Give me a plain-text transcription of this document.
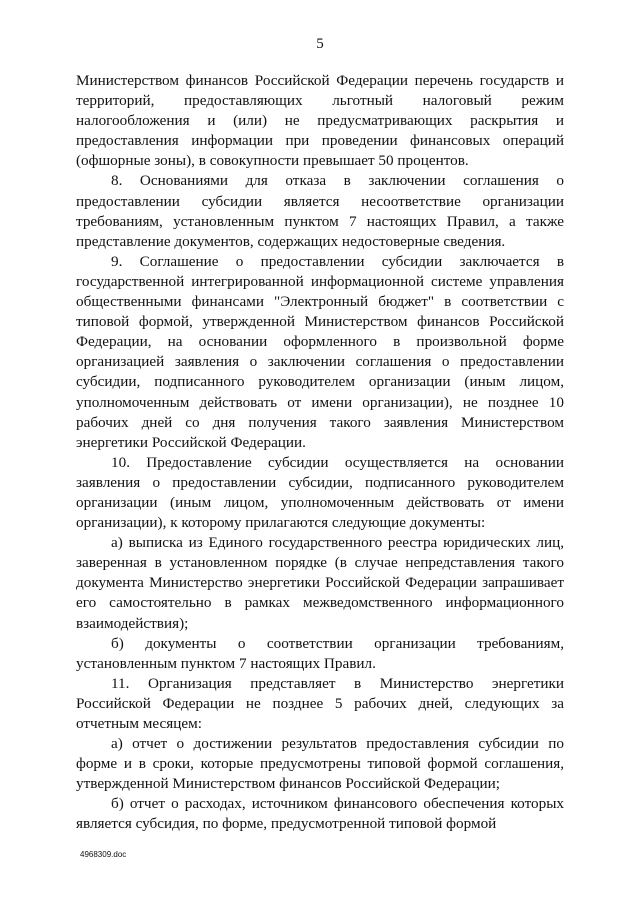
5

Министерством финансов Российской Федерации перечень государств и территорий, предоставляющих льготный налоговый режим налогообложения и (или) не предусматривающих раскрытия и предоставления информации при проведении финансовых операций (офшорные зоны), в совокупности превышает 50 процентов.

8. Основаниями для отказа в заключении соглашения о предоставлении субсидии является несоответствие организации требованиям, установленным пунктом 7 настоящих Правил, а также представление документов, содержащих недостоверные сведения.

9. Соглашение о предоставлении субсидии заключается в государственной интегрированной информационной системе управления общественными финансами "Электронный бюджет" в соответствии с типовой формой, утвержденной Министерством финансов Российской Федерации, на основании оформленного в произвольной форме организацией заявления о заключении соглашения о предоставлении субсидии, подписанного руководителем организации (иным лицом, уполномоченным действовать от имени организации), не позднее 10 рабочих дней со дня получения такого заявления Министерством энергетики Российской Федерации.

10. Предоставление субсидии осуществляется на основании заявления о предоставлении субсидии, подписанного руководителем организации (иным лицом, уполномоченным действовать от имени организации), к которому прилагаются следующие документы:

а) выписка из Единого государственного реестра юридических лиц, заверенная в установленном порядке (в случае непредставления такого документа Министерство энергетики Российской Федерации запрашивает его самостоятельно в рамках межведомственного информационного взаимодействия);

б) документы о соответствии организации требованиям, установленным пунктом 7 настоящих Правил.

11. Организация представляет в Министерство энергетики Российской Федерации не позднее 5 рабочих дней, следующих за отчетным месяцем:

а) отчет о достижении результатов предоставления субсидии по форме и в сроки, которые предусмотрены типовой формой соглашения, утвержденной Министерством финансов Российской Федерации;

б) отчет о расходах, источником финансового обеспечения которых является субсидия, по форме, предусмотренной типовой формой

4968309.doc
